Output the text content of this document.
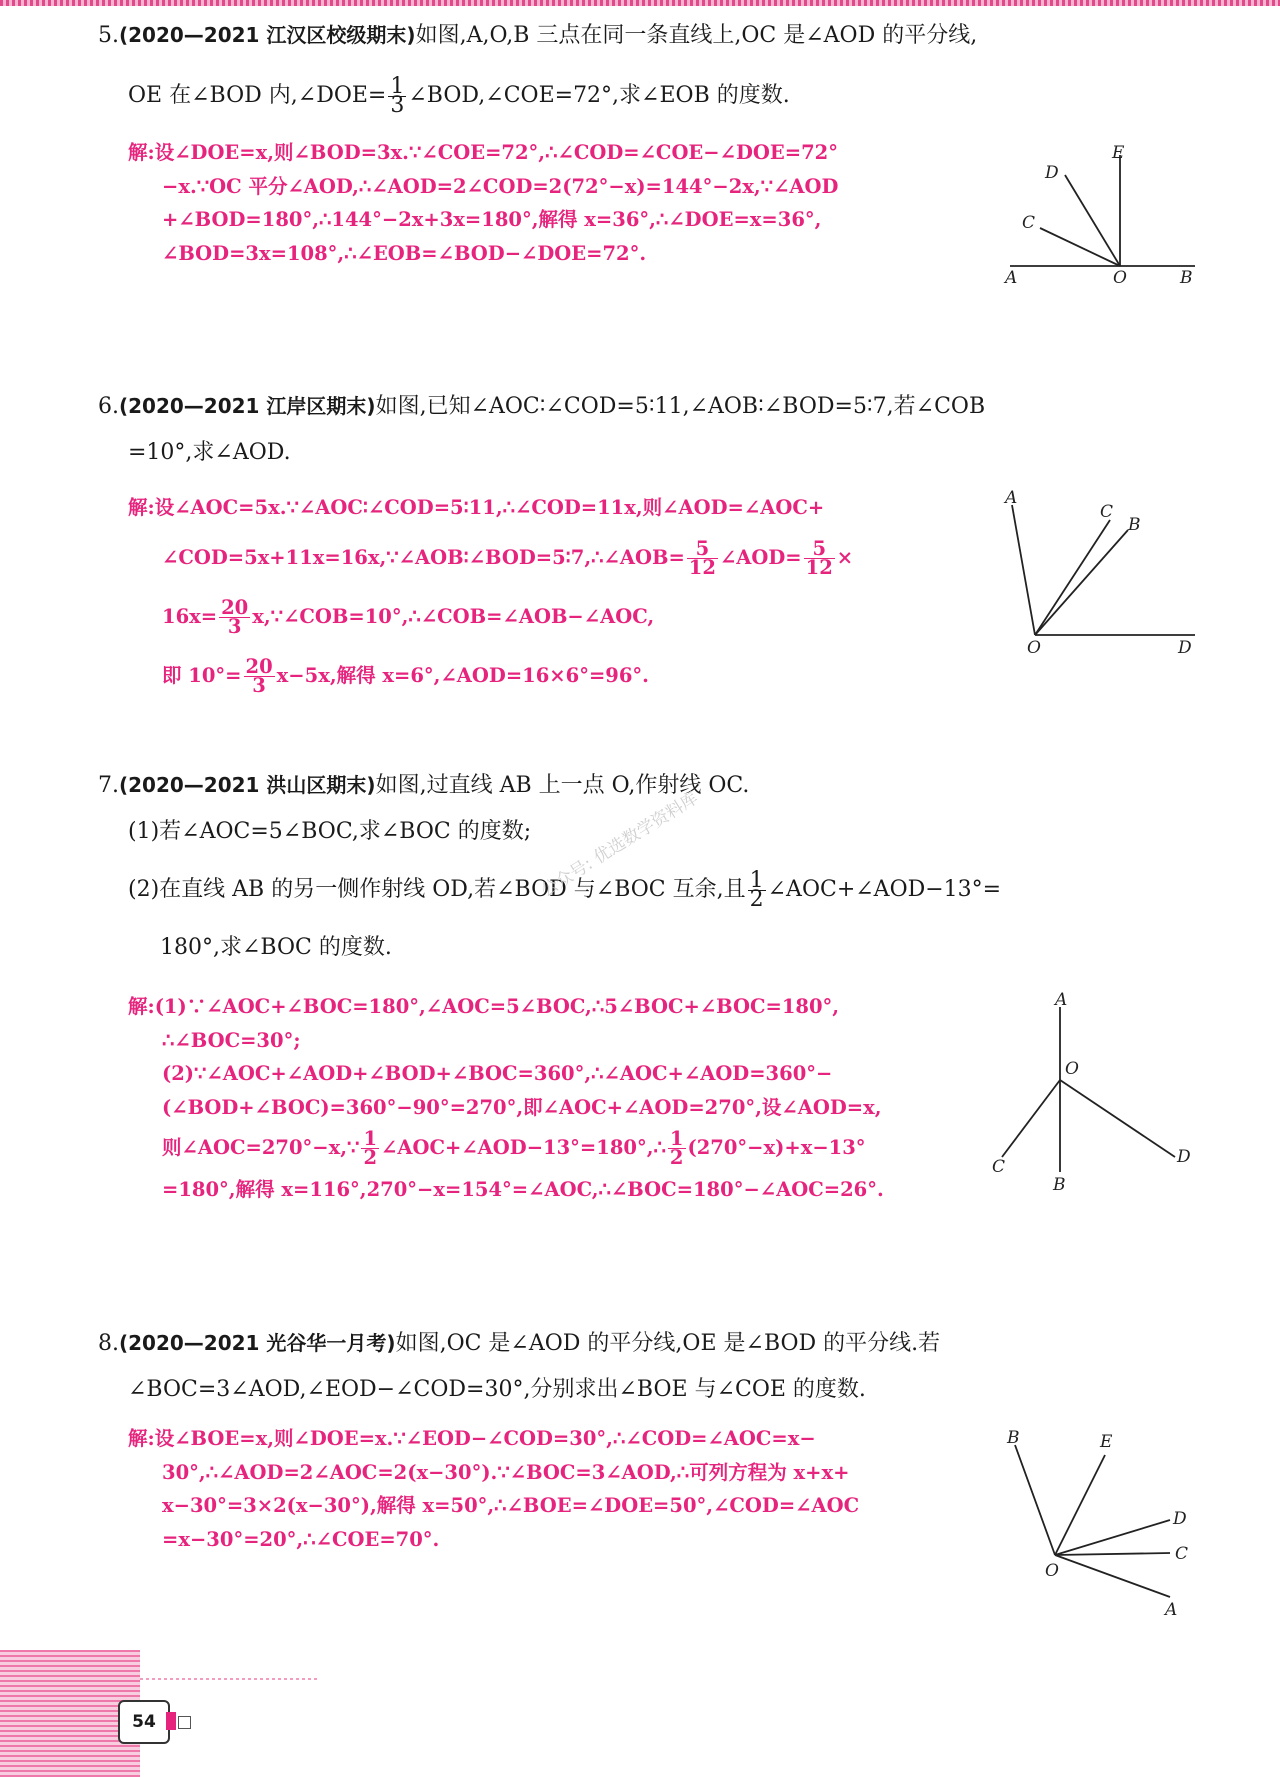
5.(2020—2021 江汉区校级期末)如图,A,O,B 三点在同一条直线上,OC 是∠AOD 的平分线,
OE 在∠BOD 内,∠DOE= $\frac{1}{3}$ ∠BOD,∠COE=72°,求∠EOB 的度数.
解:设∠DOE=x,则∠BOD=3x.∵∠COE=72°,∴∠COD=∠COE−∠DOE=72°
−x.∵OC 平分∠AOD,∴∠AOD=2∠COD=2(72°−x)=144°−2x,∵∠AOD
+∠BOD=180°,∴144°−2x+3x=180°,解得 x=36°,∴∠DOE=x=36°,
∠BOD=3x=108°,∴∠EOB=∠BOD−∠DOE=72°.
A	O	B
C
D
E
6.(2020—2021 江岸区期末)如图,已知∠AOC∶∠COD=5∶11,∠AOB∶∠BOD=5∶7,若∠COB
=10°,求∠AOD.
解:设∠AOC=5x.∵∠AOC∶∠COD=5∶11,∴∠COD=11x,则∠AOD=∠AOC+
∠COD=5x+11x=16x,∵∠AOB∶∠BOD=5∶7,∴∠AOB= $\frac{5}{12}$ ∠AOD= $\frac{5}{12}$ ×
$16x= \frac{20}{3}$ x,∵∠COB=10°,∴∠COB=∠AOB−∠AOC,
即 $10^\circ= \frac{20}{3} x-5x$,解得 x=6°,∠AOD=16×6°=96°.
A
C
B
O	D
7.(2020—2021 洪山区期末)如图,过直线 AB 上一点 O,作射线 OC.
(1)若∠AOC=5∠BOC,求∠BOC 的度数;
(2)在直线 AB 的另一侧作射线 OD,若∠BOD 与∠BOC 互余,且 $\frac{1}{2}$ ∠AOC+∠AOD−13°=
180°,求∠BOC 的度数.
解:(1)∵∠AOC+∠BOC=180°,∠AOC=5∠BOC,∴5∠BOC+∠BOC=180°,
∴∠BOC=30°;
(2)∵∠AOC+∠AOD+∠BOD+∠BOC=360°,∴∠AOC+∠AOD=360°−
(∠BOD+∠BOC)=360°−90°=270°,即∠AOC+∠AOD=270°,设∠AOD=x,
则∠AOC=270°−x,∵ $\frac{1}{2}$ ∠AOC+∠AOD−13°=180°,∴ $\frac{1}{2} (270^\circ-x)+x-13^\circ$
=180°,解得 x=116°,270°−x=154°=∠AOC,∴∠BOC=180°−∠AOC=26°.
A
O
C
B
D
公众号: 优选数学资料库
8.(2020—2021 光谷华一月考)如图,OC 是∠AOD 的平分线,OE 是∠BOD 的平分线.若
∠BOC=3∠AOD,∠EOD−∠COD=30°,分别求出∠BOE 与∠COE 的度数.
解:设∠BOE=x,则∠DOE=x.∵∠EOD−∠COD=30°,∴∠COD=∠AOC=x−
30°,∴∠AOD=2∠AOC=2(x−30°).∵∠BOC=3∠AOD,∴可列方程为 x+x+
x−30°=3×2(x−30°),解得 x=50°,∴∠BOE=∠DOE=50°,∠COD=∠AOC
=x−30°=20°,∴∠COE=70°.
B	E
D
C
O
A
54
